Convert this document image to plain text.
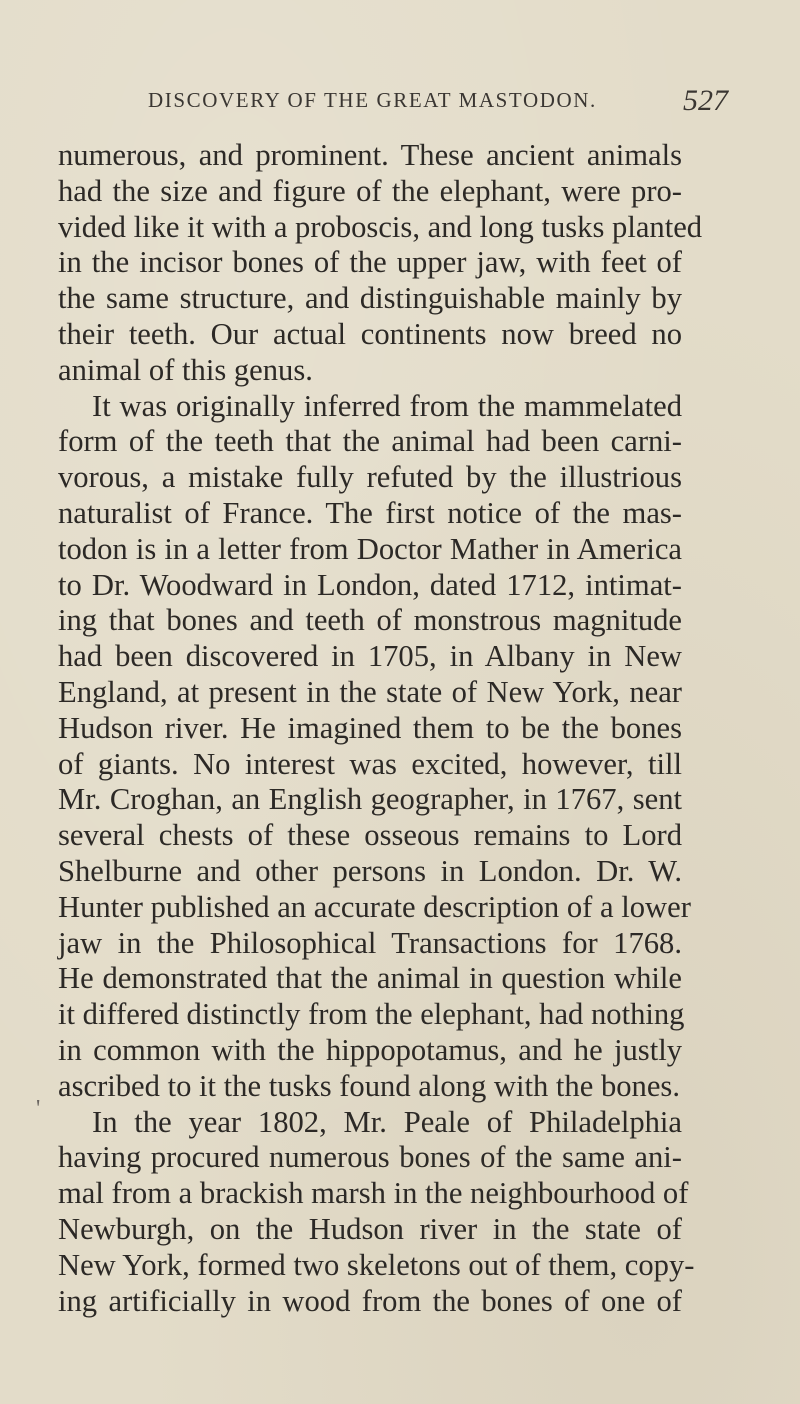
DISCOVERY OF THE GREAT MASTODON.	527
numerous, and prominent. These ancient animals
had the size and figure of the elephant, were pro-
vided like it with a proboscis, and long tusks planted
in the incisor bones of the upper jaw, with feet of
the same structure, and distinguishable mainly by
their teeth. Our actual continents now breed no
animal of this genus.
It was originally inferred from the mammelated
form of the teeth that the animal had been carni-
vorous, a mistake fully refuted by the illustrious
naturalist of France. The first notice of the mas-
todon is in a letter from Doctor Mather in America
to Dr. Woodward in London, dated 1712, intimat-
ing that bones and teeth of monstrous magnitude
had been discovered in 1705, in Albany in New
England, at present in the state of New York, near
Hudson river. He imagined them to be the bones
of giants. No interest was excited, however, till
Mr. Croghan, an English geographer, in 1767, sent
several chests of these osseous remains to Lord
Shelburne and other persons in London. Dr. W.
Hunter published an accurate description of a lower
jaw in the Philosophical Transactions for 1768.
He demonstrated that the animal in question while
it differed distinctly from the elephant, had nothing
in common with the hippopotamus, and he justly
ascribed to it the tusks found along with the bones.
In the year 1802, Mr. Peale of Philadelphia
having procured numerous bones of the same ani-
mal from a brackish marsh in the neighbourhood of
Newburgh, on the Hudson river in the state of
New York, formed two skeletons out of them, copy-
ing artificially in wood from the bones of one of
'
